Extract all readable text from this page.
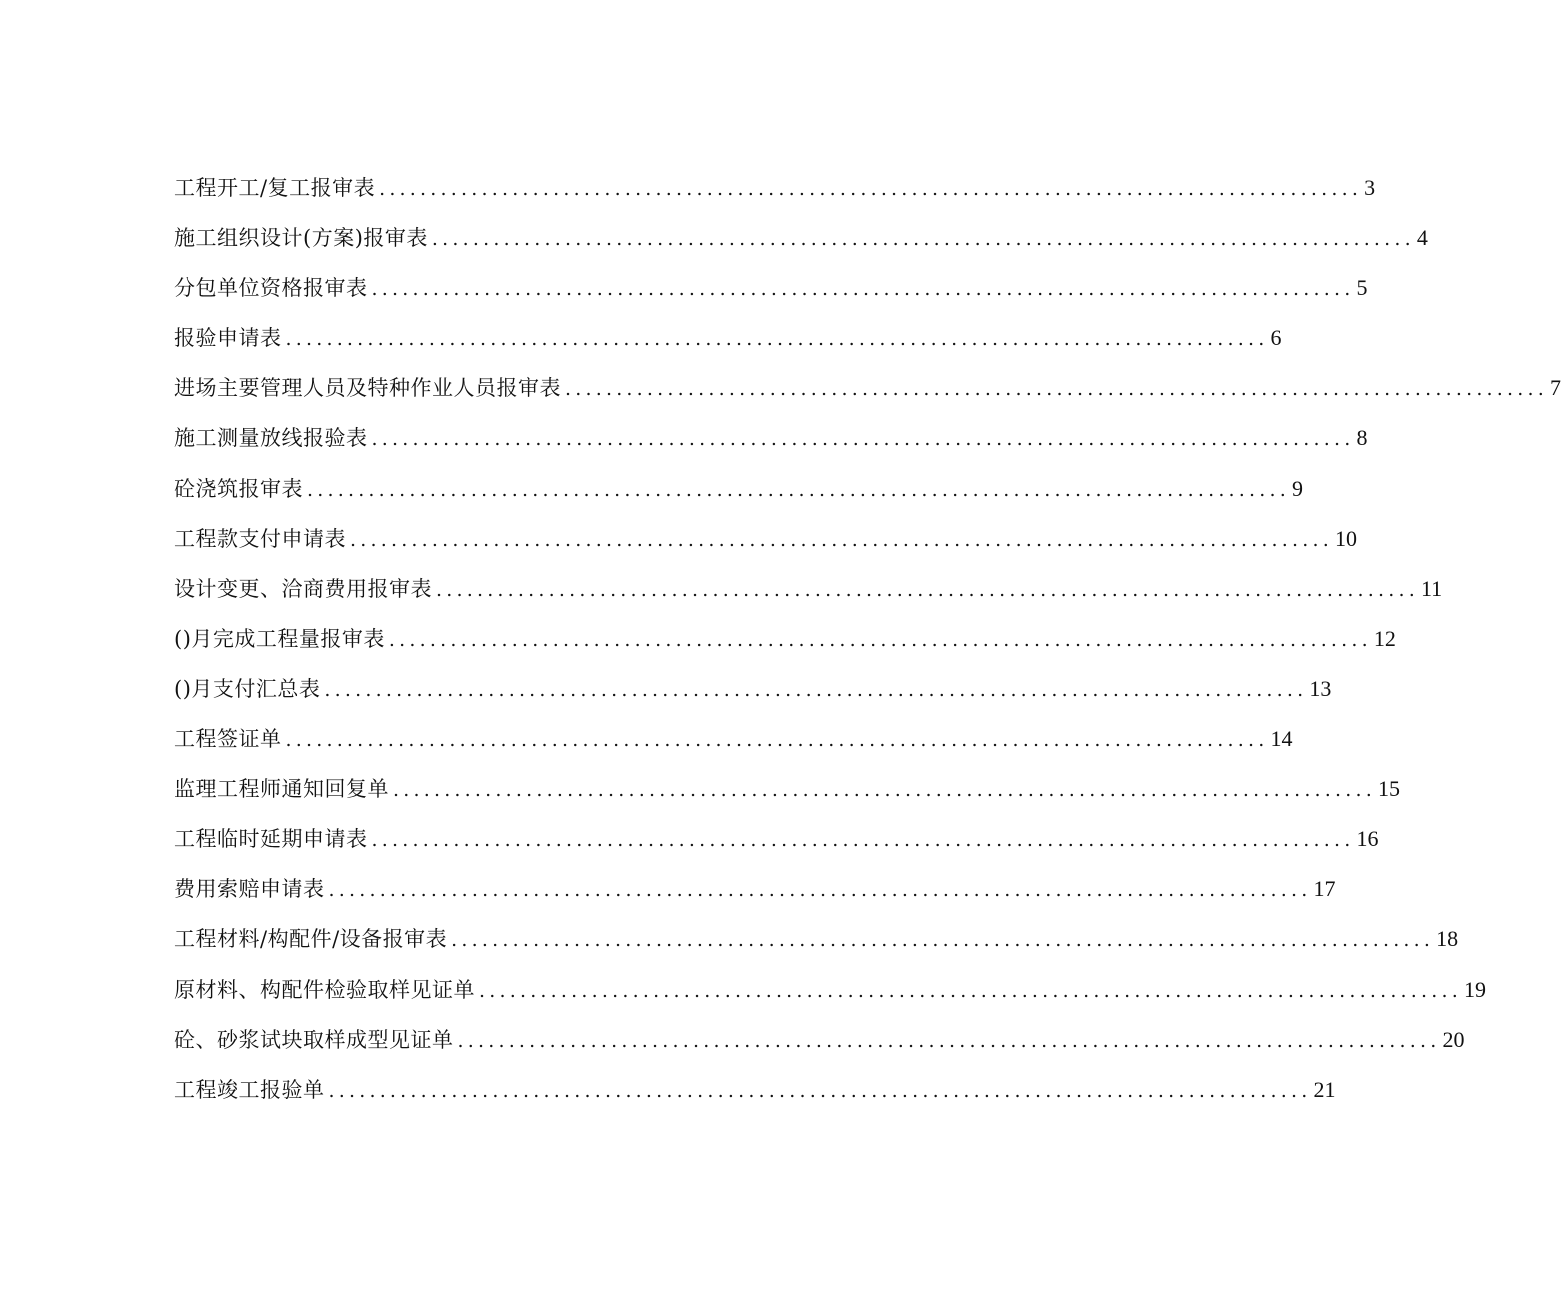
工程开工/复工报审表 ................................................................................................ 3
施工组织设计(方案)报审表 ................................................................................................ 4
分包单位资格报审表 ................................................................................................ 5
报验申请表 ................................................................................................ 6
进场主要管理人员及特种作业人员报审表 ................................................................................................ 7
施工测量放线报验表 ................................................................................................ 8
砼浇筑报审表 ................................................................................................ 9
工程款支付申请表 ................................................................................................ 10
设计变更、洽商费用报审表 ................................................................................................ 11
()月完成工程量报审表 ................................................................................................ 12
()月支付汇总表 ................................................................................................ 13
工程签证单 ................................................................................................ 14
监理工程师通知回复单 ................................................................................................ 15
工程临时延期申请表 ................................................................................................ 16
费用索赔申请表 ................................................................................................ 17
工程材料/构配件/设备报审表 ................................................................................................ 18
原材料、构配件检验取样见证单 ................................................................................................ 19
砼、砂浆试块取样成型见证单 ................................................................................................ 20
工程竣工报验单 ................................................................................................ 21
